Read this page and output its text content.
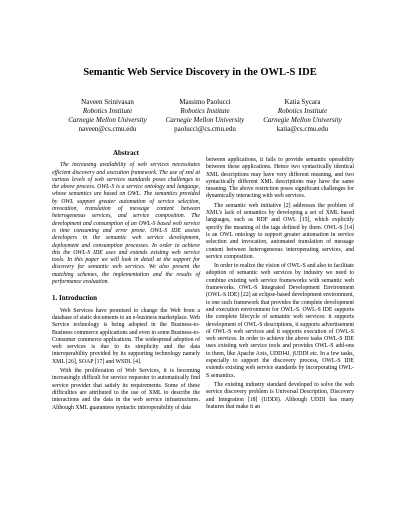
Semantic Web Service Discovery in the OWL-S IDE
Naveen Srinivasan
Robotics Institute
Carnegie Mellon University
naveen@cs.cmu.edu
Massimo Paolucci
Robotics Institute
Carnegie Mellon University
paolucci@cs.cmu.edu
Katia Sycara
Robotics Institute
Carnegie Mellon University
katia@cs.cmu.edu
Abstract

The increasing availability of web services necessitates efficient discovery and execution framework. The use of xml at various levels of web services standards poses challenges to the above process. OWL-S is a service ontology and language, whose semantics are based on OWL. The semantics provided by OWL support greater automation of service selection, invocation, translation of message content between heterogeneous services, and service composition. The development and consumption of an OWL-S based web service is time consuming and error prone. OWL-S IDE assists developers in the semantic web service development, deployment and consumption processes. In order to achieve this the OWL-S IDE uses and extends existing web service tools. In this paper we will look in detail at the support for discovery for semantic web services. We also present the matching schemes, the implementation and the results of performance evaluation.

1. Introduction

Web Services have promised to change the Web from a database of static documents to an e-business marketplace. Web Service technology is being adopted in the Business-to-Business commerce applications and even in some Business-to-Consumer commerce applications. The widespread adoption of web services is due to its simplicity and the data interoperability provided by its supporting technology namely XML [26], SOAP [17] and WSDL [4].

With the proliferation of Web Services, it is becoming increasingly difficult for service requester to automatically find service provider that satisfy its requirements. Some of these difficulties are attributed to the use of XML to describe the interactions and the data in the web service infrastructures. Although XML guarantees syntactic interoperability of data

between applications, it fails to provide semantic operability between these applications. Hence two syntactically identical XML descriptions may have very different meaning, and two syntactically different XML descriptions may have the same meaning. The above restriction poses significant challenges for dynamically interacting with web services.

The semantic web initiative [2] addresses the problem of XML's lack of semantics by developing a set of XML based languages, such as RDF and OWL [15], which explicitly specify the meaning of the tags defined by them. OWL-S [14] is an OWL ontology to support greater automation in service selection and invocation, automated translation of message content between heterogeneous interoperating services, and service composition.

In order to realize the vision of OWL-S and also to facilitate adoption of semantic web services by industry we need to combine existing web service frameworks with semantic web frameworks. OWL-S Integrated Development Environment (OWL-S IDE) [22] an eclipse-based development environment, is one such framework that provides the complete development and execution environment for OWL-S. OWL-S IDE supports the complete lifecycle of semantic web services: it supports development of OWL-S descriptions, it supports advertisement of OWL-S web services and it supports execution of OWL-S web services. In order to achieve the above tasks OWL-S IDE uses existing web service tools and provides OWL-S add-ons to them, like Apache Axis, UDDI4J, jUDDI etc. In a few tasks, especially to support the discovery process, OWL-S IDE extends existing web service standards by incorporating OWL-S semantics.

The existing industry standard developed to solve the web service discovery problem is Universal Description, Discovery and Integration [18] (UDDI). Although UDDI has many features that make it an
